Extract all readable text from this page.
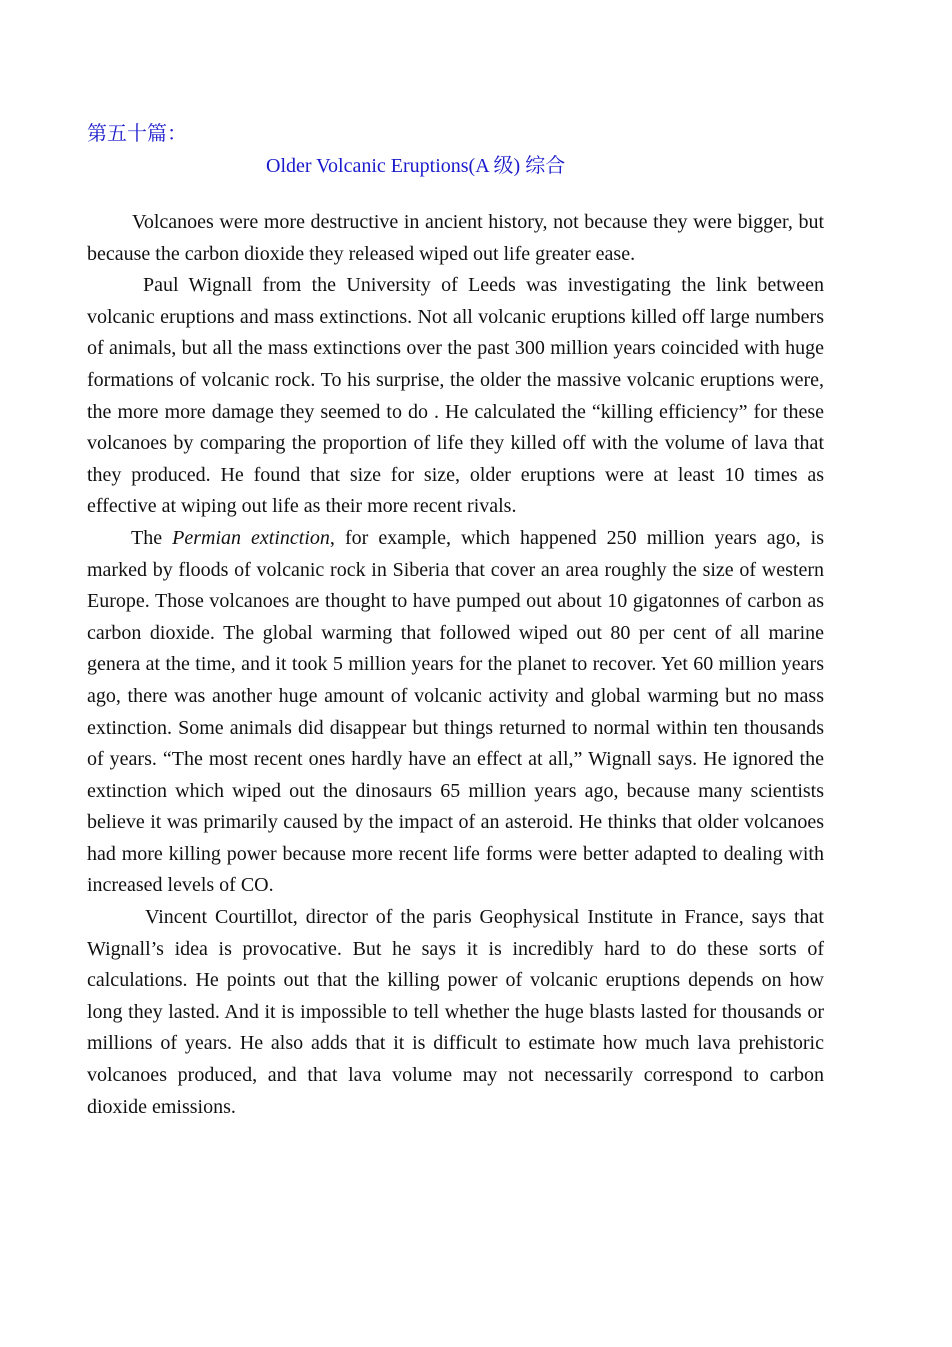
第五十篇：

Older Volcanic Eruptions(A 级) 综合

Volcanoes were more destructive in ancient history, not because they were bigger, but because the carbon dioxide they released wiped out life greater ease.

Paul Wignall from the University of Leeds was investigating the link between volcanic eruptions and mass extinctions. Not all volcanic eruptions killed off large numbers of animals, but all the mass extinctions over the past 300 million years coincided with huge formations of volcanic rock. To his surprise, the older the massive volcanic eruptions were, the more more damage they seemed to do . He calculated the “killing efficiency” for these volcanoes by comparing the proportion of life they killed off with the volume of lava that they produced. He found that size for size, older eruptions were at least 10 times as effective at wiping out life as their more recent rivals.

The Permian extinction, for example, which happened 250 million years ago, is marked by floods of volcanic rock in Siberia that cover an area roughly the size of western Europe. Those volcanoes are thought to have pumped out about 10 gigatonnes of carbon as carbon dioxide. The global warming that followed wiped out 80 per cent of all marine genera at the time, and it took 5 million years for the planet to recover. Yet 60 million years ago, there was another huge amount of volcanic activity and global warming but no mass extinction. Some animals did disappear but things returned to normal within ten thousands of years. “The most recent ones hardly have an effect at all,” Wignall says. He ignored the extinction which wiped out the dinosaurs 65 million years ago, because many scientists believe it was primarily caused by the impact of an asteroid. He thinks that older volcanoes had more killing power because more recent life forms were better adapted to dealing with increased levels of CO.

Vincent Courtillot, director of the paris Geophysical Institute in France, says that Wignall’s idea is provocative. But he says it is incredibly hard to do these sorts of calculations. He points out that the killing power of volcanic eruptions depends on how long they lasted. And it is impossible to tell whether the huge blasts lasted for thousands or millions of years. He also adds that it is difficult to estimate how much lava prehistoric volcanoes produced, and that lava volume may not necessarily correspond to carbon dioxide emissions.
